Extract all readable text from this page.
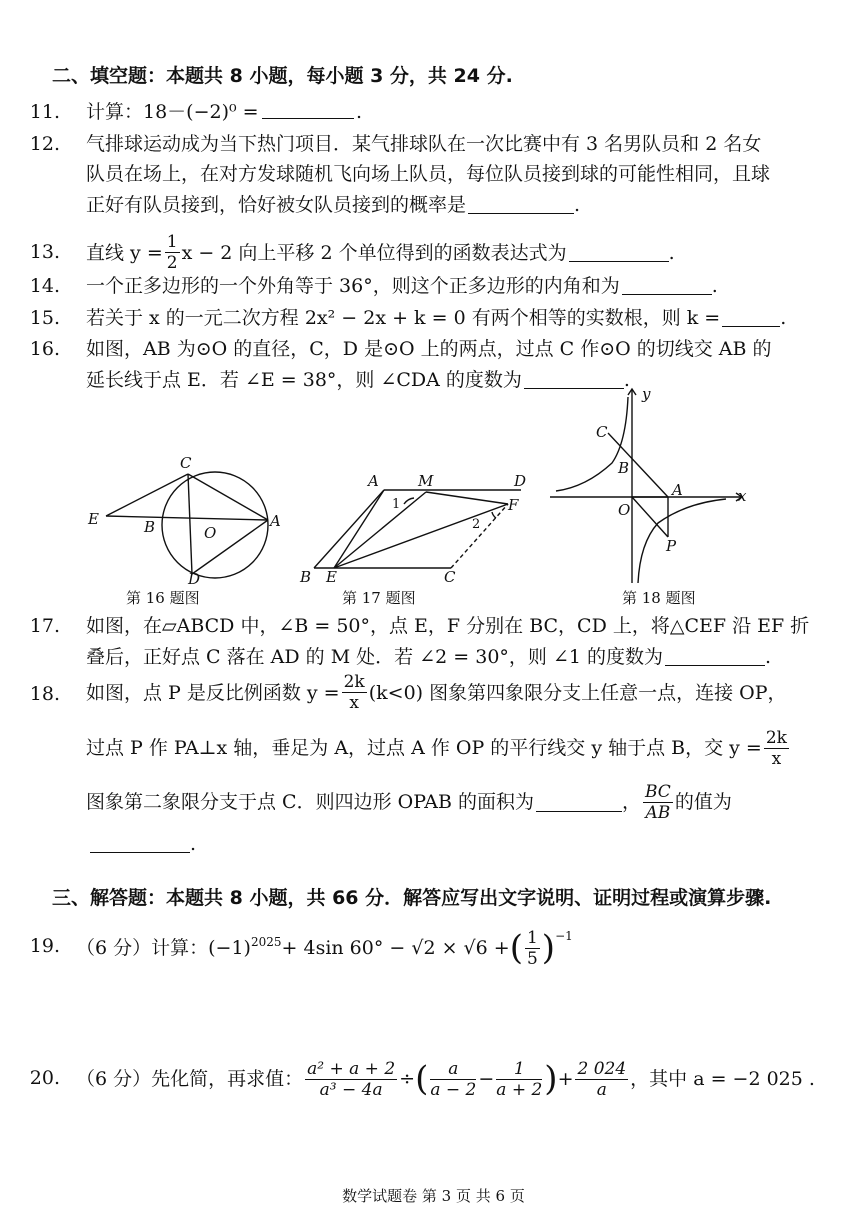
二、填空题：本题共 8 小题，每小题 3 分，共 24 分.
11. 计算：18－(−2)⁰ =	.
12. 气排球运动成为当下热门项目．某气排球队在一次比赛中有 3 名男队员和 2 名女
队员在场上，在对方发球随机飞向场上队员，每位队员接到球的可能性相同，且球
正好有队员接到，恰好被女队员接到的概率是	.
13. 直线 $y = \frac{1}{2}$ x − 2 向上平移 2 个单位得到的函数表达式为	.
14. 一个正多边形的一个外角等于 36°，则这个正多边形的内角和为	.
15. 若关于 x 的一元二次方程 2x² − 2x + k = 0 有两个相等的实数根，则 k =	.
16. 如图，AB 为⊙O 的直径，C，D 是⊙O 上的两点，过点 C 作⊙O 的切线交 AB 的
延长线于点 E．若 ∠E = 38°，则 ∠CDA 的度数为	.
C
E	B	O
A
D
第 16 题图
A	M	D
F
B E	C
1
2
第 17 题图
y
x
C
B
A
O
P
第 18 题图
17. 如图，在▱ABCD 中，∠B = 50°，点 E，F 分别在 BC，CD 上，将△CEF 沿 EF 折
叠后，正好点 C 落在 AD 的 M 处．若 ∠2 = 30°，则 ∠1 的度数为	.
18. 如图，点 P 是反比例函数 $y = \frac{2k}{x} (k<0)$ 图象第四象限分支上任意一点，连接 OP，
过点 P 作 PA⊥x 轴，垂足为 A，过点 A 作 OP 的平行线交 y 轴于点 B，交 $y = \frac{2k}{x}$
图象第二象限分支于点 C．则四边形 OPAB 的面积为	， $\frac{BC}{AB}$ 的值为
.
三、解答题：本题共 8 小题，共 66 分．解答应写出文字说明、证明过程或演算步骤.
19. （6 分）计算：$(-1)^{2025} + 4\sin$ 60° − √2 × √6 + ( $\frac{1}{5} )^{-1}$
20. （6 分）先化简，再求值： $\frac{\text{a² + a + 2}}{\text{a³ − 4a}}$ ÷ ( $\frac{a}{a - 2} - \frac{1}{a + 2}$ ) + $\frac{2 024}{a}$ ，其中 a = −2 025 .
数学试题卷 第 3 页 共 6 页
